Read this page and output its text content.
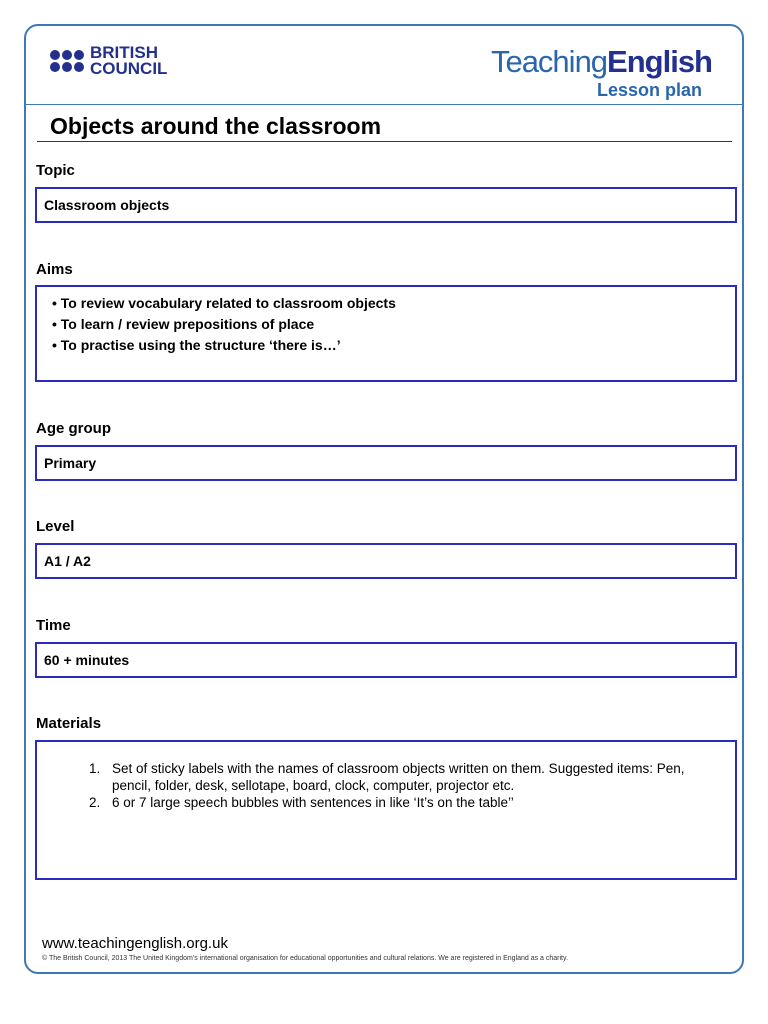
BRITISH
COUNCIL	TeachingEnglish
Lesson plan
Objects around the classroom
Topic
Classroom objects
Aims
• To review vocabulary related to classroom objects
• To learn / review prepositions of place
• To practise using the structure ‘there is…’
Age group
Primary
Level
A1 / A2
Time
60 + minutes
Materials
1. Set of sticky labels with the names of classroom objects written on them. Suggested items: Pen, pencil, folder, desk, sellotape, board, clock, computer, projector etc.
2. 6 or 7 large speech bubbles with sentences in like ‘It’s on the table’’
www.teachingenglish.org.uk
© The British Council, 2013 The United Kingdom’s international organisation for educational opportunities and cultural relations. We are registered in England as a charity.
